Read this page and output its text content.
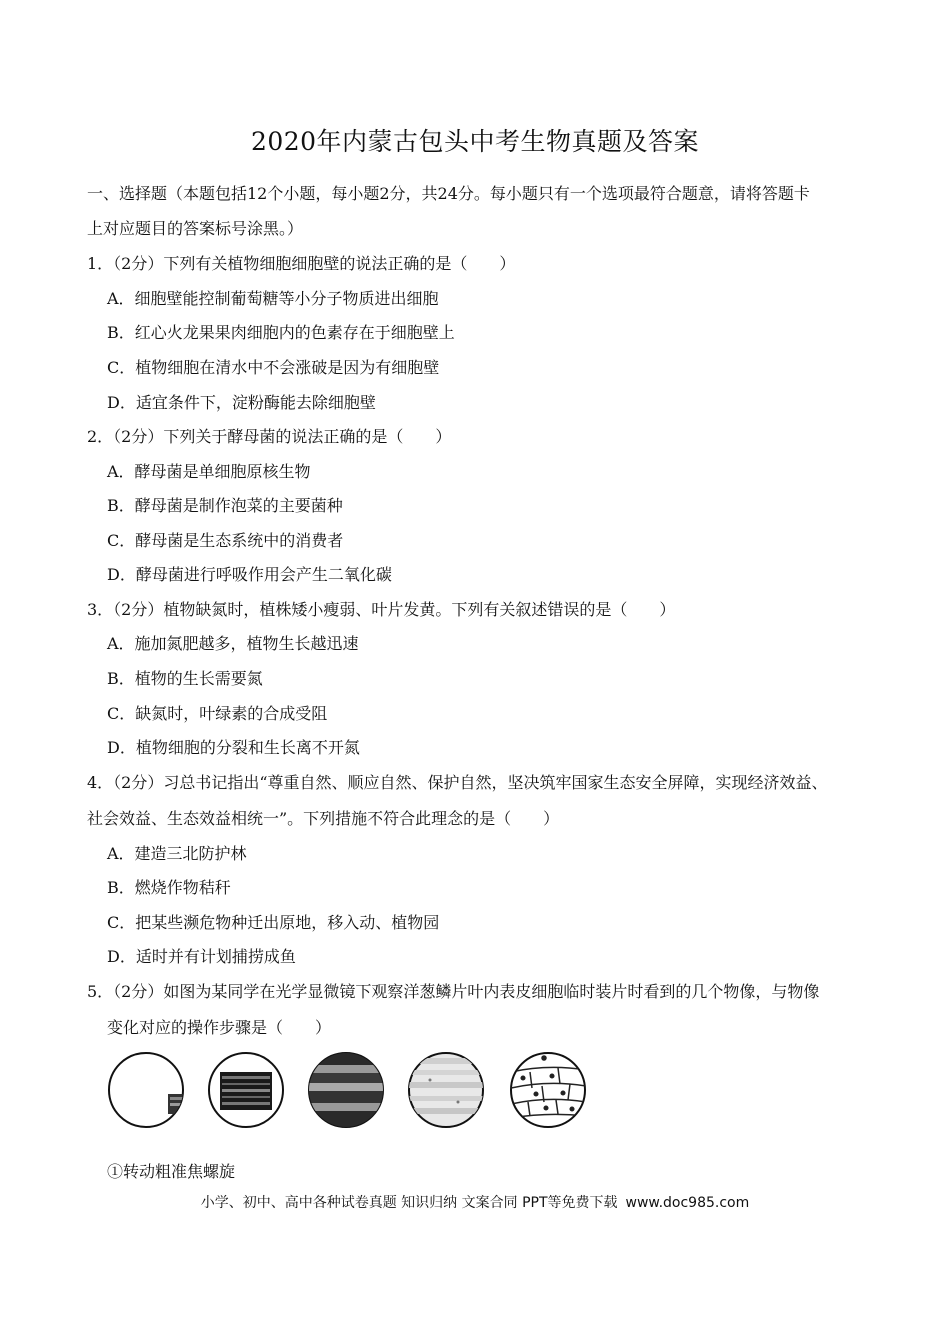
2020年内蒙古包头中考生物真题及答案
一、选择题（本题包括12个小题，每小题2分，共24分。每小题只有一个选项最符合题意，请将答题卡
上对应题目的答案标号涂黑。）
1．（2分）下列有关植物细胞细胞壁的说法正确的是（　　）
A．细胞壁能控制葡萄糖等小分子物质进出细胞
B．红心火龙果果肉细胞内的色素存在于细胞壁上
C．植物细胞在清水中不会涨破是因为有细胞壁
D．适宜条件下，淀粉酶能去除细胞壁
2．（2分）下列关于酵母菌的说法正确的是（　　）
A．酵母菌是单细胞原核生物
B．酵母菌是制作泡菜的主要菌种
C．酵母菌是生态系统中的消费者
D．酵母菌进行呼吸作用会产生二氧化碳
3．（2分）植物缺氮时，植株矮小瘦弱、叶片发黄。下列有关叙述错误的是（　　）
A．施加氮肥越多，植物生长越迅速
B．植物的生长需要氮
C．缺氮时，叶绿素的合成受阻
D．植物细胞的分裂和生长离不开氮
4．（2分）习总书记指出“尊重自然、顺应自然、保护自然，坚决筑牢国家生态安全屏障，实现经济效益、
社会效益、生态效益相统一”。下列措施不符合此理念的是（　　）
A．建造三北防护林
B．燃烧作物秸秆
C．把某些濒危物种迁出原地，移入动、植物园
D．适时并有计划捕捞成鱼
5．（2分）如图为某同学在光学显微镜下观察洋葱鳞片叶内表皮细胞临时装片时看到的几个物像，与物像
变化对应的操作步骤是（　　）
①转动粗准焦螺旋
小学、初中、高中各种试卷真题 知识归纳 文案合同 PPT等免费下载 www.doc985.com
